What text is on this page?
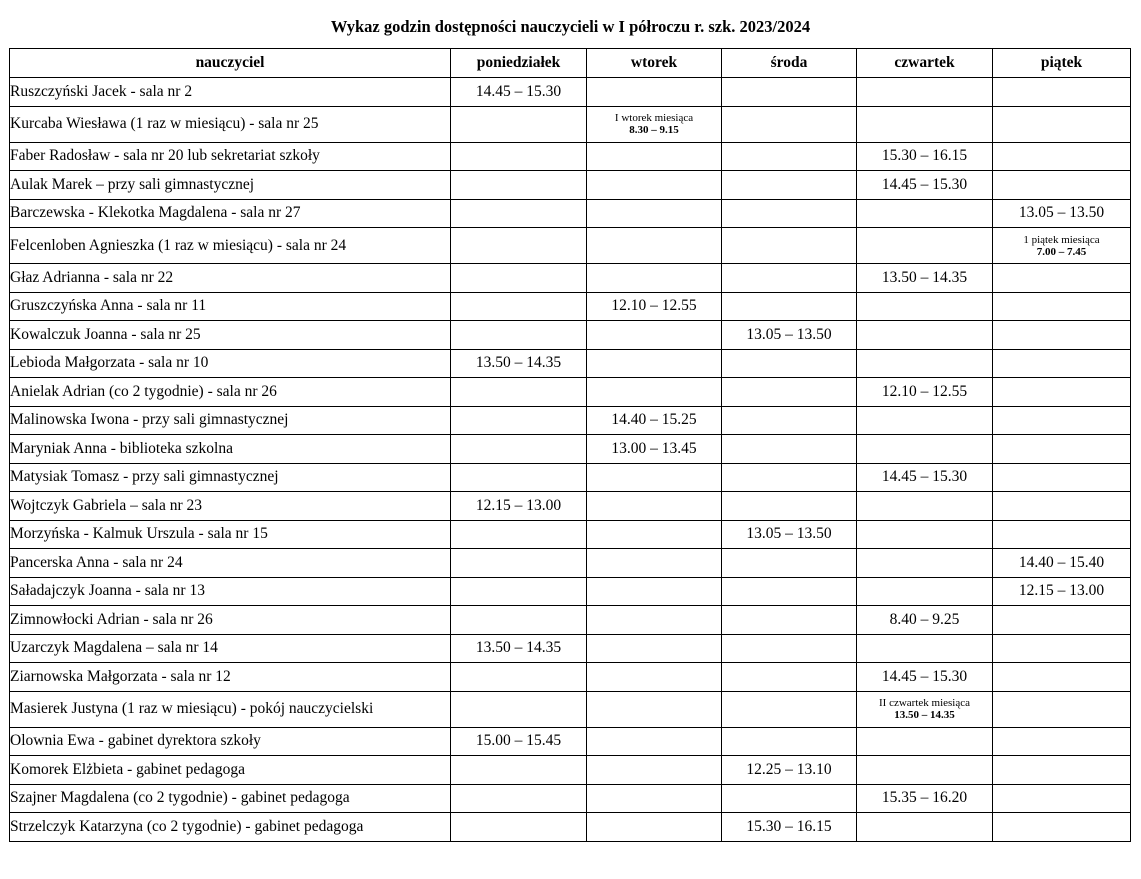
Wykaz godzin dostępności nauczycieli w I półroczu r. szk. 2023/2024
nauczyciel	poniedziałek	wtorek	środa	czwartek	piątek
Ruszczyński Jacek - sala nr 2	14.45 – 15.30				
Kurcaba Wiesława (1 raz w miesiącu) - sala nr 25		I wtorek miesiąca
8.30 – 9.15			

Faber Radosław - sala nr 20 lub sekretariat szkoły				15.30 – 16.15	
Aulak Marek – przy sali gimnastycznej				14.45 – 15.30	
Barczewska - Klekotka Magdalena - sala nr 27					13.05 – 13.50
Felcenloben Agnieszka (1 raz w miesiącu) - sala nr 24					1 piątek miesiąca
7.00 – 7.45

Głaz Adrianna - sala nr 22				13.50 – 14.35	
Gruszczyńska Anna - sala nr 11		12.10 – 12.55			
Kowalczuk Joanna - sala nr 25			13.05 – 13.50		
Lebioda Małgorzata - sala nr 10	13.50 – 14.35				
Anielak Adrian (co 2 tygodnie) - sala nr 26				12.10 – 12.55	
Malinowska Iwona - przy sali gimnastycznej		14.40 – 15.25			
Maryniak Anna - biblioteka szkolna		13.00 – 13.45			
Matysiak Tomasz - przy sali gimnastycznej				14.45 – 15.30	
Wojtczyk Gabriela – sala nr 23	12.15 – 13.00				
Morzyńska - Kalmuk Urszula - sala nr 15			13.05 – 13.50		
Pancerska Anna - sala nr 24					14.40 – 15.40
Saładajczyk Joanna - sala nr 13					12.15 – 13.00
Zimnowłocki Adrian - sala nr 26				8.40 – 9.25	
Uzarczyk Magdalena – sala nr 14	13.50 – 14.35				
Ziarnowska Małgorzata - sala nr 12				14.45 – 15.30	
Masierek Justyna (1 raz w miesiącu) - pokój nauczycielski				II czwartek miesiąca
13.50 – 14.35	

Olownia Ewa - gabinet dyrektora szkoły	15.00 – 15.45				
Komorek Elżbieta - gabinet pedagoga			12.25 – 13.10		
Szajner Magdalena (co 2 tygodnie) - gabinet pedagoga				15.35 – 16.20	
Strzelczyk Katarzyna (co 2 tygodnie) - gabinet pedagoga			15.30 – 16.15		
